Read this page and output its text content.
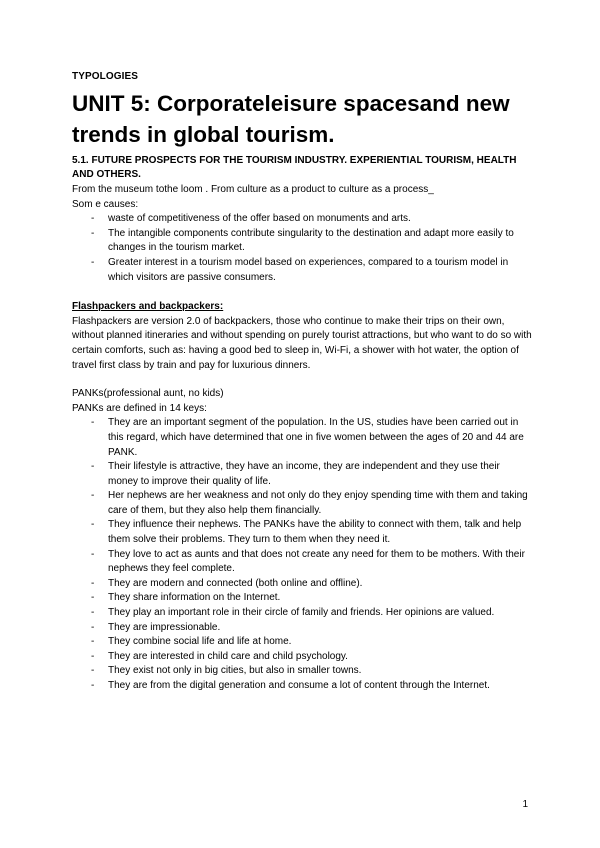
TYPOLOGIES
UNIT 5: Corporateleisure spacesand new trends in global tourism.
5.1. FUTURE PROSPECTS FOR THE TOURISM INDUSTRY. EXPERIENTIAL TOURISM, HEALTH AND OTHERS.

From the museum tothe loom . From culture as a product to culture as a process_

Som e causes:

- waste of competitiveness of the offer based on monuments and arts.
- The intangible components contribute singularity to the destination and adapt more easily to changes in the tourism market.
- Greater interest in a tourism model based on experiences, compared to a tourism model in which visitors are passive consumers.
Flashpackers and backpackers:

Flashpackers are version 2.0 of backpackers, those who continue to make their trips on their own, without planned itineraries and without spending on purely tourist attractions, but who want to do so with certain comforts, such as: having a good bed to sleep in, Wi-Fi, a shower with hot water, the option of travel first class by train and pay for luxurious dinners.

PANKs(professional aunt, no kids)

PANKs are defined in 14 keys:

- They are an important segment of the population. In the US, studies have been carried out in this regard, which have determined that one in five women between the ages of 20 and 44 are PANK.
- Their lifestyle is attractive, they have an income, they are independent and they use their money to improve their quality of life.
- Her nephews are her weakness and not only do they enjoy spending time with them and taking care of them, but they also help them financially.
- They influence their nephews. The PANKs have the ability to connect with them, talk and help them solve their problems. They turn to them when they need it.
- They love to act as aunts and that does not create any need for them to be mothers. With their nephews they feel complete.
- They are modern and connected (both online and offline).
- They share information on the Internet.
- They play an important role in their circle of family and friends. Her opinions are valued.
- They are impressionable.
- They combine social life and life at home.
- They are interested in child care and child psychology.
- They exist not only in big cities, but also in smaller towns.
- They are from the digital generation and consume a lot of content through the Internet.
1
